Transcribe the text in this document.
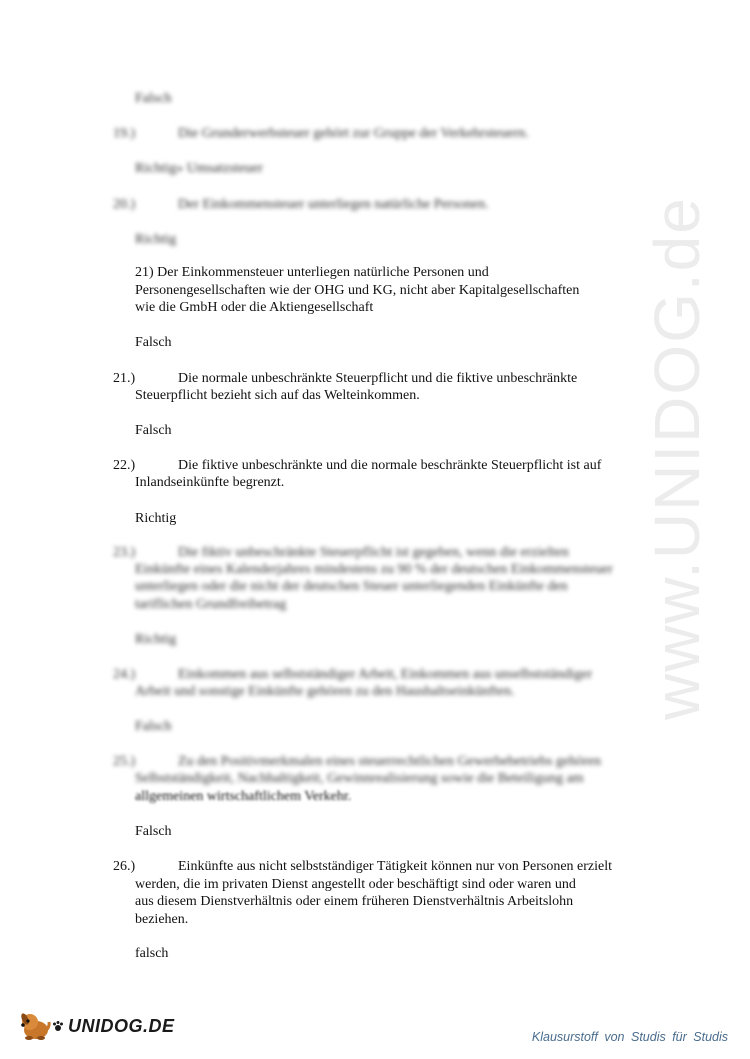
www.UNIDOG.de
Falsch
19.)	Die Grunderwerbsteuer gehört zur Gruppe der Verkehrsteuern.
Richtig» Umsatzsteuer
20.)	Der Einkommensteuer unterliegen natürliche Personen.
Richtig
21) Der Einkommensteuer unterliegen natürliche Personen und
Personengesellschaften wie der OHG und KG, nicht aber Kapitalgesellschaften
wie die GmbH oder die Aktiengesellschaft
Falsch
21.)	Die normale unbeschränkte Steuerpflicht und die fiktive unbeschränkte
Steuerpflicht bezieht sich auf das Welteinkommen.
Falsch
22.)	Die fiktive unbeschränkte und die normale beschränkte Steuerpflicht ist auf
Inlandseinkünfte begrenzt.
Richtig
23.)	Die fiktiv unbeschränkte Steuerpflicht ist gegeben, wenn die erzielten
Einkünfte eines Kalenderjahres mindestens zu 90 % der deutschen Einkommensteuer
unterliegen oder die nicht der deutschen Steuer unterliegenden Einkünfte den
tariflichen Grundfreibetrag
Richtig
24.)	Einkommen aus selbstständiger Arbeit, Einkommen aus unselbstständiger
Arbeit und sonstige Einkünfte gehören zu den Haushaltseinkünften.
Falsch
25.)	Zu den Positivmerkmalen eines steuerrechtlichen Gewerbebetriebs gehören
Selbstständigkeit, Nachhaltigkeit, Gewinnrealisierung sowie die Beteiligung am
allgemeinen wirtschaftlichem Verkehr.
Falsch
26.)	Einkünfte aus nicht selbstständiger Tätigkeit können nur von Personen erzielt
werden, die im privaten Dienst angestellt oder beschäftigt sind oder waren und
aus diesem Dienstverhältnis oder einem früheren Dienstverhältnis Arbeitslohn
beziehen.
falsch
UNIDOG.DE
Klausurstoff von Studis für Studis
